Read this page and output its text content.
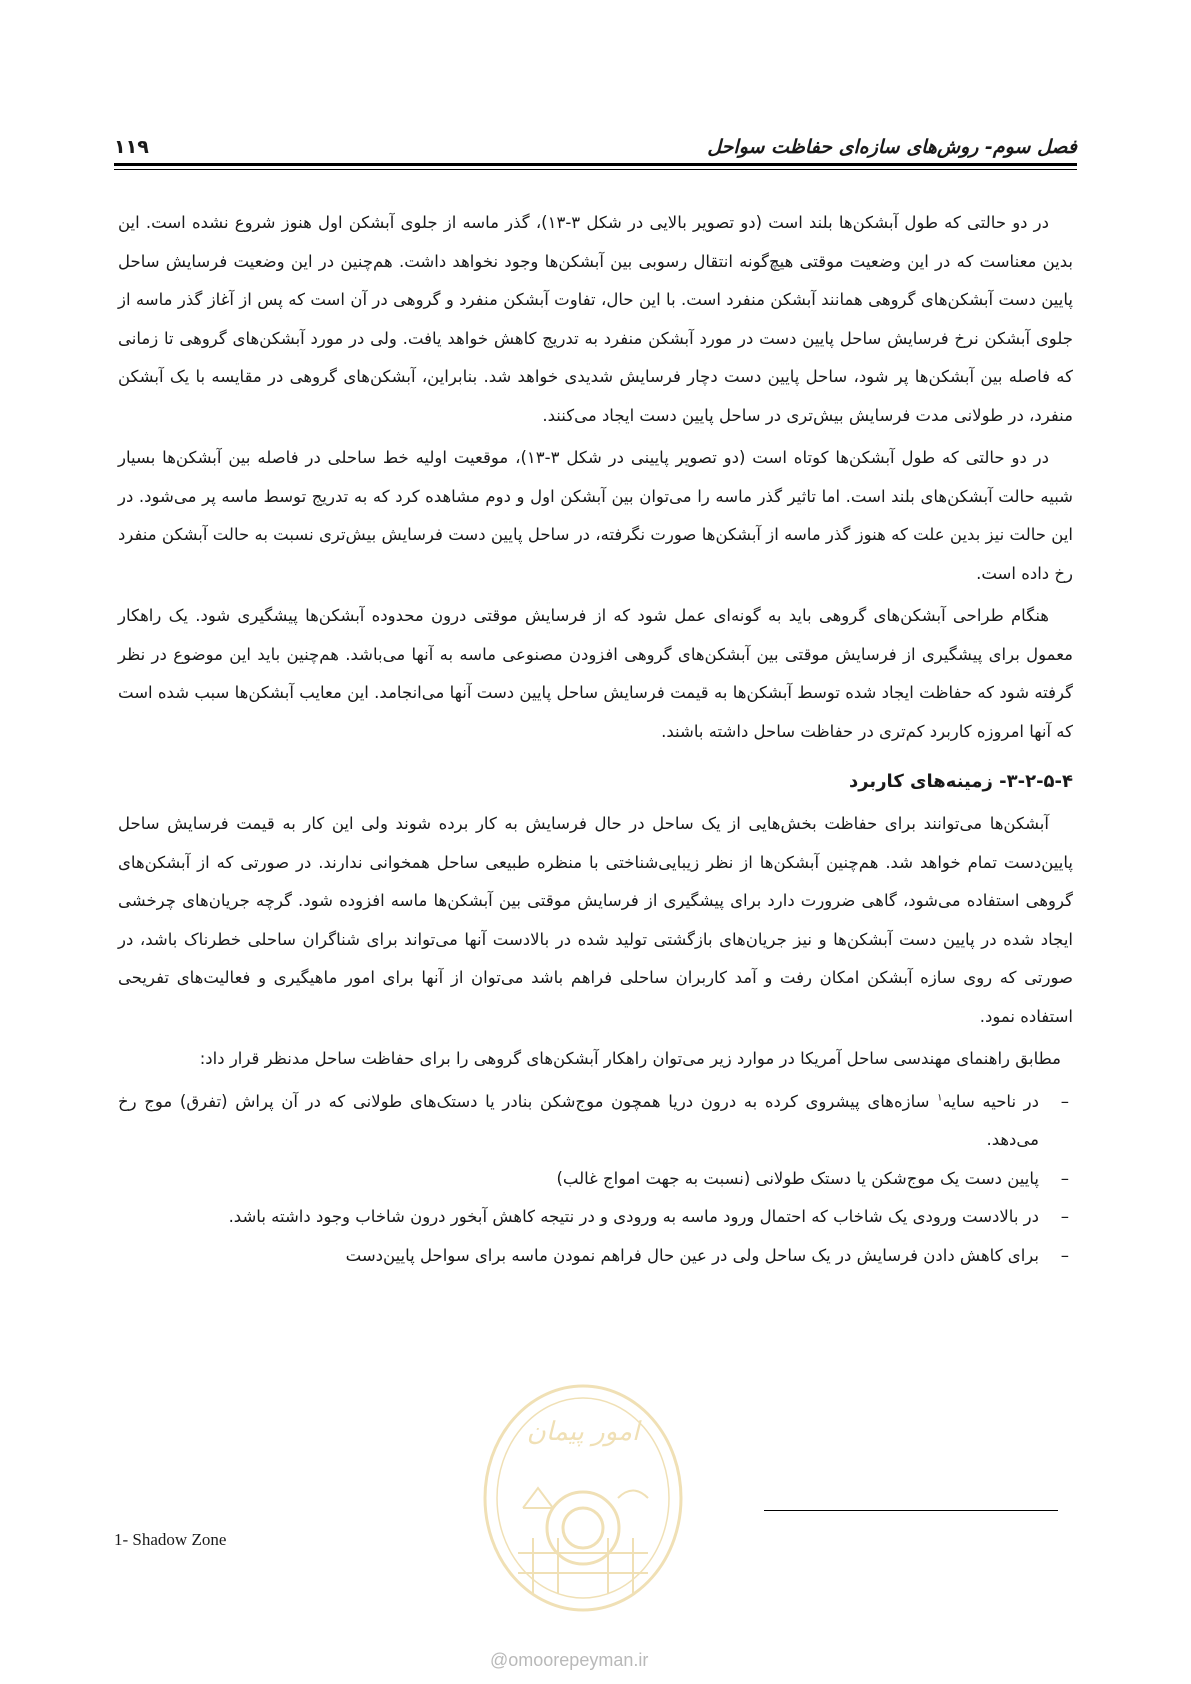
فصل سوم- روش‌های سازه‌ای حفاظت سواحل
۱۱۹

در دو حالتی که طول آبشکن‌ها بلند است (دو تصویر بالایی در شکل ۳-۱۳)، گذر ماسه از جلوی آبشکن اول هنوز شروع نشده است. این بدین معناست که در این وضعیت موقتی هیچ‌گونه انتقال رسوبی بین آبشکن‌ها وجود نخواهد داشت. هم‌چنین در این وضعیت فرسایش ساحل پایین دست آبشکن‌های گروهی همانند آبشکن منفرد است. با این حال، تفاوت آبشکن منفرد و گروهی در آن است که پس از آغاز گذر ماسه از جلوی آبشکن نرخ فرسایش ساحل پایین دست در مورد آبشکن منفرد به تدریج کاهش خواهد یافت. ولی در مورد آبشکن‌های گروهی تا زمانی که فاصله بین آبشکن‌ها پر شود، ساحل پایین دست دچار فرسایش شدیدی خواهد شد. بنابراین، آبشکن‌های گروهی در مقایسه با یک آبشکن منفرد، در طولانی مدت فرسایش بیش‌تری در ساحل پایین دست ایجاد می‌کنند.

در دو حالتی که طول آبشکن‌ها کوتاه است (دو تصویر پایینی در شکل ۳-۱۳)، موقعیت اولیه خط ساحلی در فاصله بین آبشکن‌ها بسیار شبیه حالت آبشکن‌های بلند است. اما تاثیر گذر ماسه را می‌توان بین آبشکن اول و دوم مشاهده کرد که به تدریج توسط ماسه پر می‌شود. در این حالت نیز بدین علت که هنوز گذر ماسه از آبشکن‌ها صورت نگرفته، در ساحل پایین دست فرسایش بیش‌تری نسبت به حالت آبشکن منفرد رخ داده است.

هنگام طراحی آبشکن‌های گروهی باید به گونه‌ای عمل شود که از فرسایش موقتی درون محدوده آبشکن‌ها پیشگیری شود. یک راهکار معمول برای پیشگیری از فرسایش موقتی بین آبشکن‌های گروهی افزودن مصنوعی ماسه به آنها می‌باشد. هم‌چنین باید این موضوع در نظر گرفته شود که حفاظت ایجاد شده توسط آبشکن‌ها به قیمت فرسایش ساحل پایین دست آنها می‌انجامد. این معایب آبشکن‌ها سبب شده است که آنها امروزه کاربرد کم‌تری در حفاظت ساحل داشته باشند.

۳-۲-۵-۴- زمینه‌های کاربرد

آبشکن‌ها می‌توانند برای حفاظت بخش‌هایی از یک ساحل در حال فرسایش به کار برده شوند ولی این کار به قیمت فرسایش ساحل پایین‌دست تمام خواهد شد. هم‌چنین آبشکن‌ها از نظر زیبایی‌شناختی با منظره طبیعی ساحل همخوانی ندارند. در صورتی که از آبشکن‌های گروهی استفاده می‌شود، گاهی ضرورت دارد برای پیشگیری از فرسایش موقتی بین آبشکن‌ها ماسه افزوده شود. گرچه جریان‌های چرخشی ایجاد شده در پایین دست آبشکن‌ها و نیز جریان‌های بازگشتی تولید شده در بالادست آنها می‌تواند برای شناگران ساحلی خطرناک باشد، در صورتی که روی سازه آبشکن امکان رفت و آمد کاربران ساحلی فراهم باشد می‌توان از آنها برای امور ماهیگیری و فعالیت‌های تفریحی استفاده نمود.

مطابق راهنمای مهندسی ساحل آمریکا در موارد زیر می‌توان راهکار آبشکن‌های گروهی را برای حفاظت ساحل مدنظر قرار داد:

–
در ناحیه سایه$^۱$ سازه‌های پیشروی کرده به درون دریا همچون موج‌شکن بنادر یا دستک‌های طولانی که در آن پراش (تفرق) موج رخ می‌دهد.
–
پایین دست یک موج‌شکن یا دستک طولانی (نسبت به جهت امواج غالب)
–
در بالادست ورودی یک شاخاب که احتمال ورود ماسه به ورودی و در نتیجه کاهش آبخور درون شاخاب وجود داشته باشد.
–
برای کاهش دادن فرسایش در یک ساحل ولی در عین حال فراهم نمودن ماسه برای سواحل پایین‌دست
1- Shadow Zone
امور پیمان
@omoorepeyman.ir
